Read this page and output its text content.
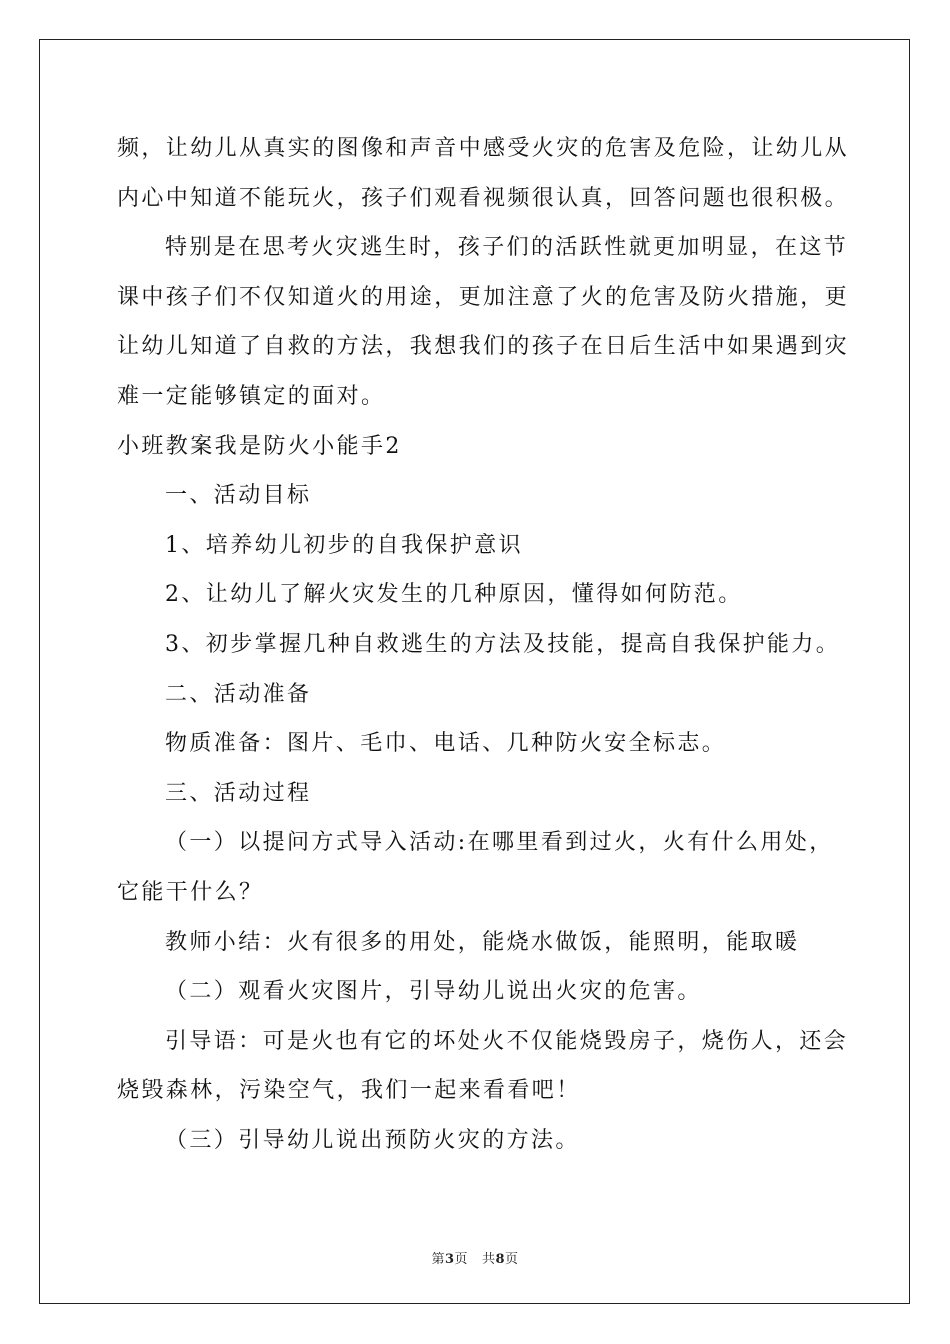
频，让幼儿从真实的图像和声音中感受火灾的危害及危险，让幼儿从

内心中知道不能玩火，孩子们观看视频很认真，回答问题也很积极。

特别是在思考火灾逃生时，孩子们的活跃性就更加明显，在这节

课中孩子们不仅知道火的用途，更加注意了火的危害及防火措施，更

让幼儿知道了自救的方法，我想我们的孩子在日后生活中如果遇到灾

难一定能够镇定的面对。

小班教案我是防火小能手2

一、活动目标

1、培养幼儿初步的自我保护意识

2、让幼儿了解火灾发生的几种原因，懂得如何防范。

3、初步掌握几种自救逃生的方法及技能，提高自我保护能力。

二、活动准备

物质准备：图片、毛巾、电话、几种防火安全标志。

三、活动过程

（一）以提问方式导入活动:在哪里看到过火，火有什么用处，

它能干什么？

教师小结：火有很多的用处，能烧水做饭，能照明，能取暖

（二）观看火灾图片，引导幼儿说出火灾的危害。

引导语：可是火也有它的坏处火不仅能烧毁房子，烧伤人，还会

烧毁森林，污染空气，我们一起来看看吧！

（三）引导幼儿说出预防火灾的方法。

第3页 共8页
